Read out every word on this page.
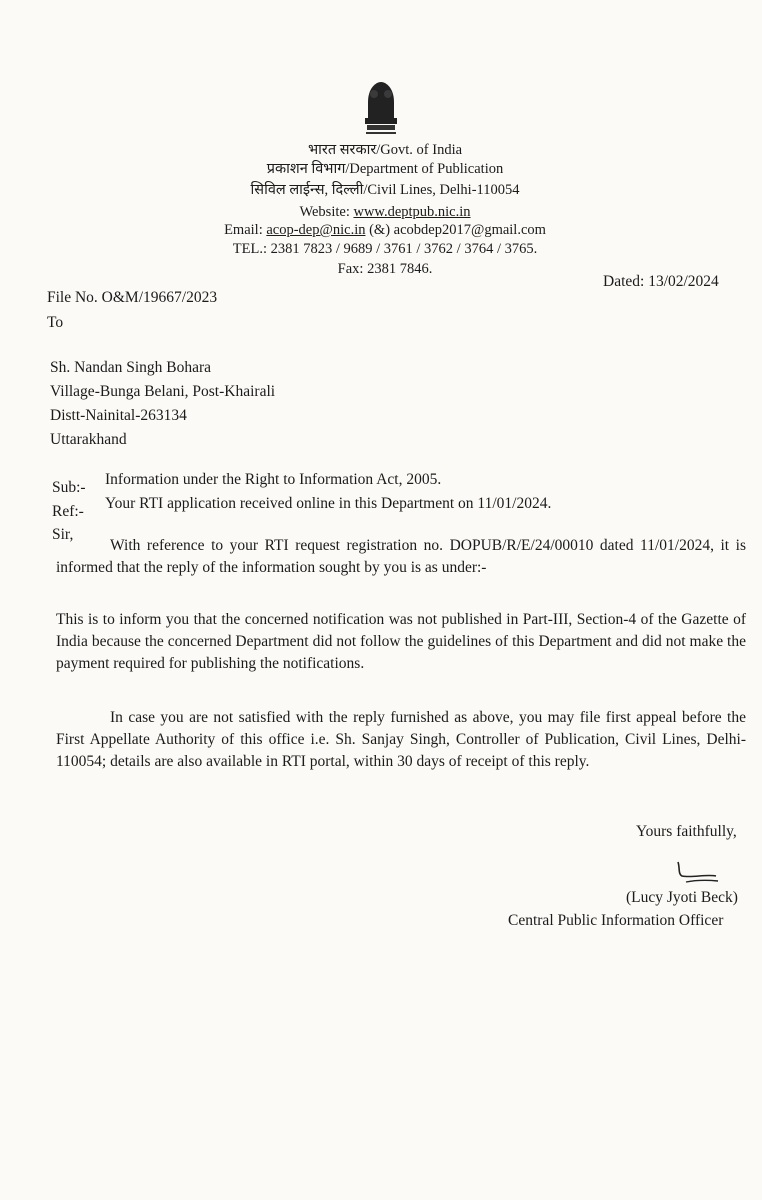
भारत सरकार/Govt. of India
प्रकाशन विभाग/Department of Publication
सिविल लाईन्स, दिल्ली/Civil Lines, Delhi-110054
Website: www.deptpub.nic.in
Email: acop-dep@nic.in (&) acobdep2017@gmail.com
TEL.: 2381 7823 / 9689 / 3761 / 3762 / 3764 / 3765.
Fax: 2381 7846.
Dated: 13/02/2024
File No. O&M/19667/2023
To
Sh. Nandan Singh Bohara
Village-Bunga Belani, Post-Khairali
Distt-Nainital-263134
Uttarakhand
Sub:- Information under the Right to Information Act, 2005.
Ref:- Your RTI application received online in this Department on 11/01/2024.
Sir,
With reference to your RTI request registration no. DOPUB/R/E/24/00010 dated 11/01/2024, it is informed that the reply of the information sought by you is as under:-
This is to inform you that the concerned notification was not published in Part-III, Section-4 of the Gazette of India because the concerned Department did not follow the guidelines of this Department and did not make the payment required for publishing the notifications.
In case you are not satisfied with the reply furnished as above, you may file first appeal before the First Appellate Authority of this office i.e. Sh. Sanjay Singh, Controller of Publication, Civil Lines, Delhi-110054; details are also available in RTI portal, within 30 days of receipt of this reply.
Yours faithfully,
(Lucy Jyoti Beck)
Central Public Information Officer
